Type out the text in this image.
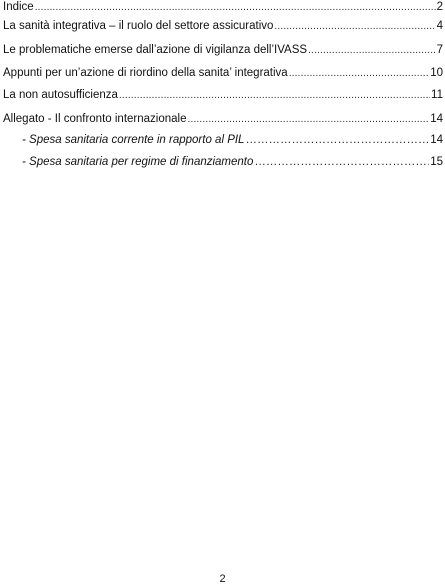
Indice .....	2
La sanità integrativa – il ruolo del settore assicurativo .....	4
Le problematiche emerse dall’azione di vigilanza dell’IVASS .....	7
Appunti per un’azione di riordino della sanita’ integrativa .....	10
La non autosufficienza .....	11
Allegato - Il confronto internazionale .....	14
- Spesa sanitaria corrente in rapporto al PIL ……………………………………………………………………………………………………………………………………………………………………	14
- Spesa sanitaria per regime di finanziamento ……………………………………………………………………………………………………………………………………………………………………	15
2
